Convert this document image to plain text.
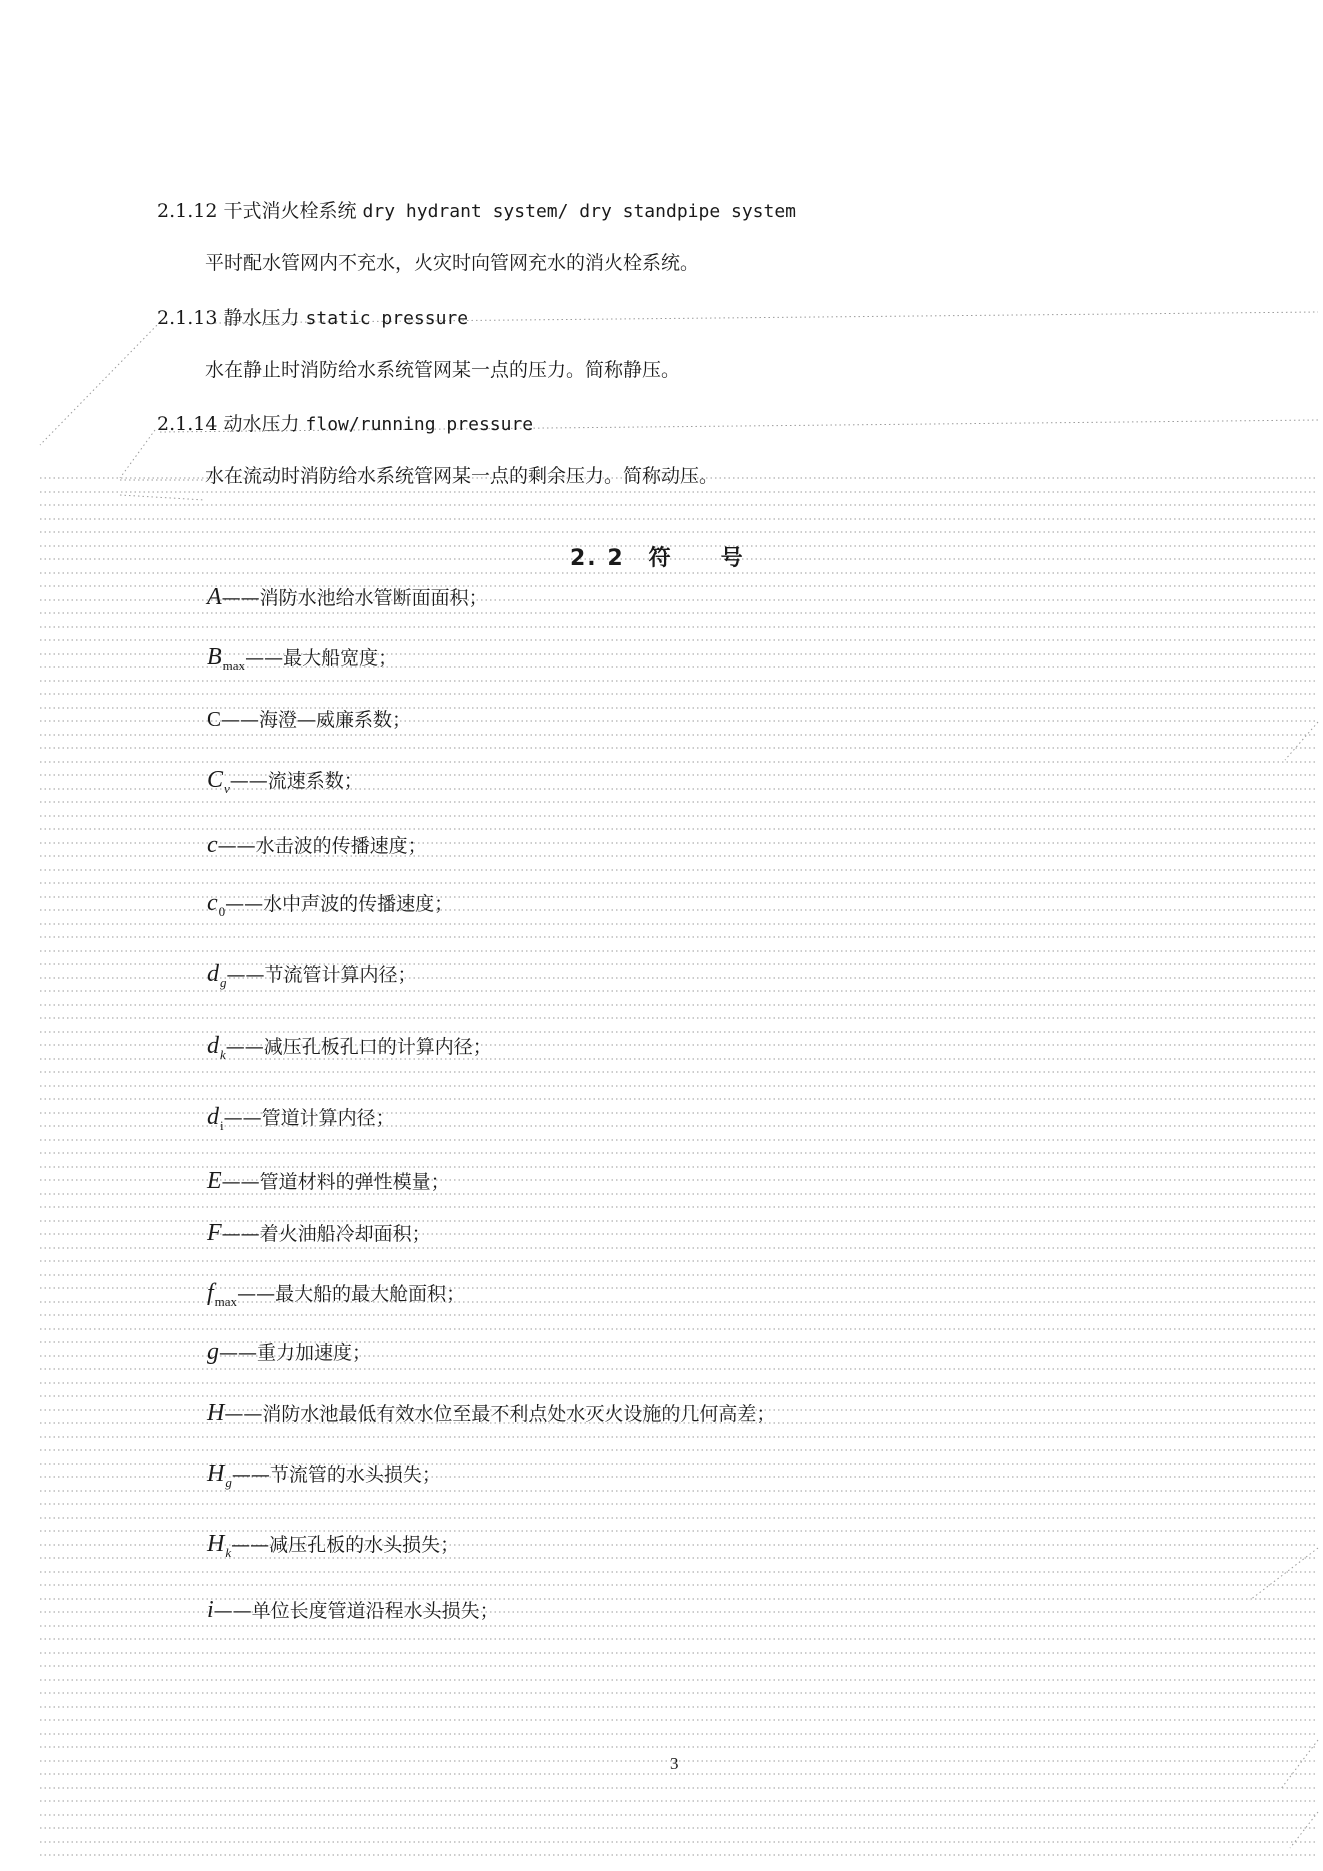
2.1.12 干式消火栓系统 dry hydrant system/ dry standpipe system
平时配水管网内不充水，火灾时向管网充水的消火栓系统。
2.1.13 静水压力 static pressure
水在静止时消防给水系统管网某一点的压力。简称静压。
2.1.14 动水压力 flow/running pressure
水在流动时消防给水系统管网某一点的剩余压力。简称动压。
2. 2　符　　号
A——消防水池给水管断面面积；
$B_{max}——$最大船宽度；
C——海澄—威廉系数；
$C_v——$流速系数；
c——水击波的传播速度；
$c_0——$水中声波的传播速度；
$d_g——$节流管计算内径；
$d_k——$减压孔板孔口的计算内径；
$d_i——$管道计算内径；
E——管道材料的弹性模量；
F——着火油船冷却面积；
$f_{max}——$最大船的最大舱面积；
g——重力加速度；
H——消防水池最低有效水位至最不利点处水灭火设施的几何高差；
$H_g——$节流管的水头损失；
$H_k——$减压孔板的水头损失；
i——单位长度管道沿程水头损失；
3
